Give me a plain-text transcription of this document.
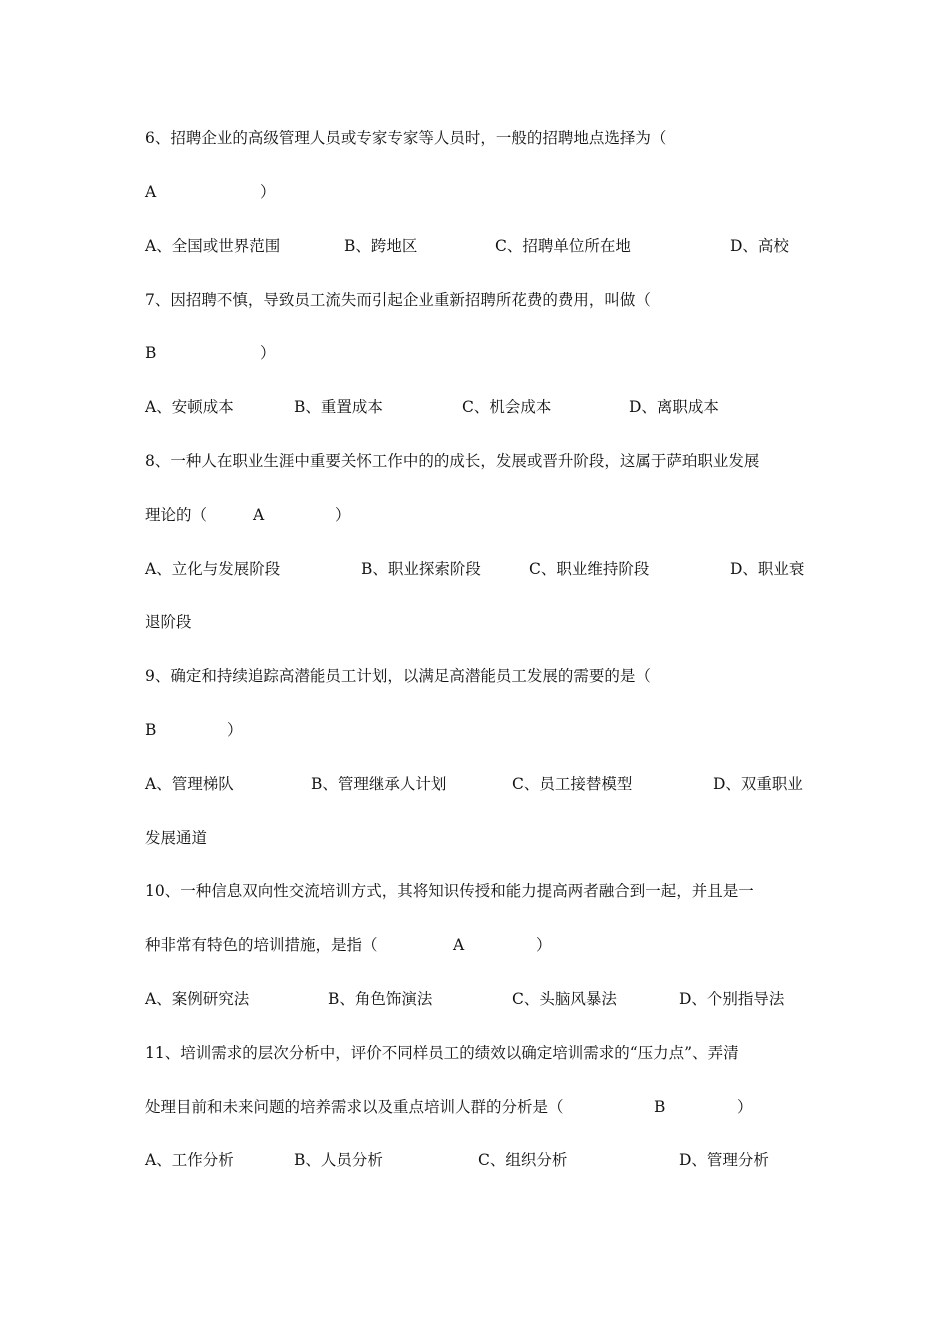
6、招聘企业的高级管理人员或专家专家等人员时，一般的招聘地点选择为（
A	）
A、全国或世界范围	B、跨地区	C、招聘单位所在地	D、高校
7、因招聘不慎，导致员工流失而引起企业重新招聘所花费的费用，叫做（
B	）
A、安顿成本	B、重置成本	C、机会成本	D、离职成本
8、一种人在职业生涯中重要关怀工作中的的成长，发展或晋升阶段，这属于萨珀职业发展
理论的（	A	）
A、立化与发展阶段	B、职业探索阶段	C、职业维持阶段	D、职业衰
退阶段
9、确定和持续追踪高潜能员工计划，以满足高潜能员工发展的需要的是（
B	）
A、管理梯队	B、管理继承人计划	C、员工接替模型	D、双重职业
发展通道
10、一种信息双向性交流培训方式，其将知识传授和能力提高两者融合到一起，并且是一
种非常有特色的培训措施，是指（	A	）
A、案例研究法	B、角色饰演法	C、头脑风暴法	D、个别指导法
11、培训需求的层次分析中，评价不同样员工的绩效以确定培训需求的“压力点”、弄清
处理目前和未来问题的培养需求以及重点培训人群的分析是（	B	）
A、工作分析	B、人员分析	C、组织分析	D、管理分析
